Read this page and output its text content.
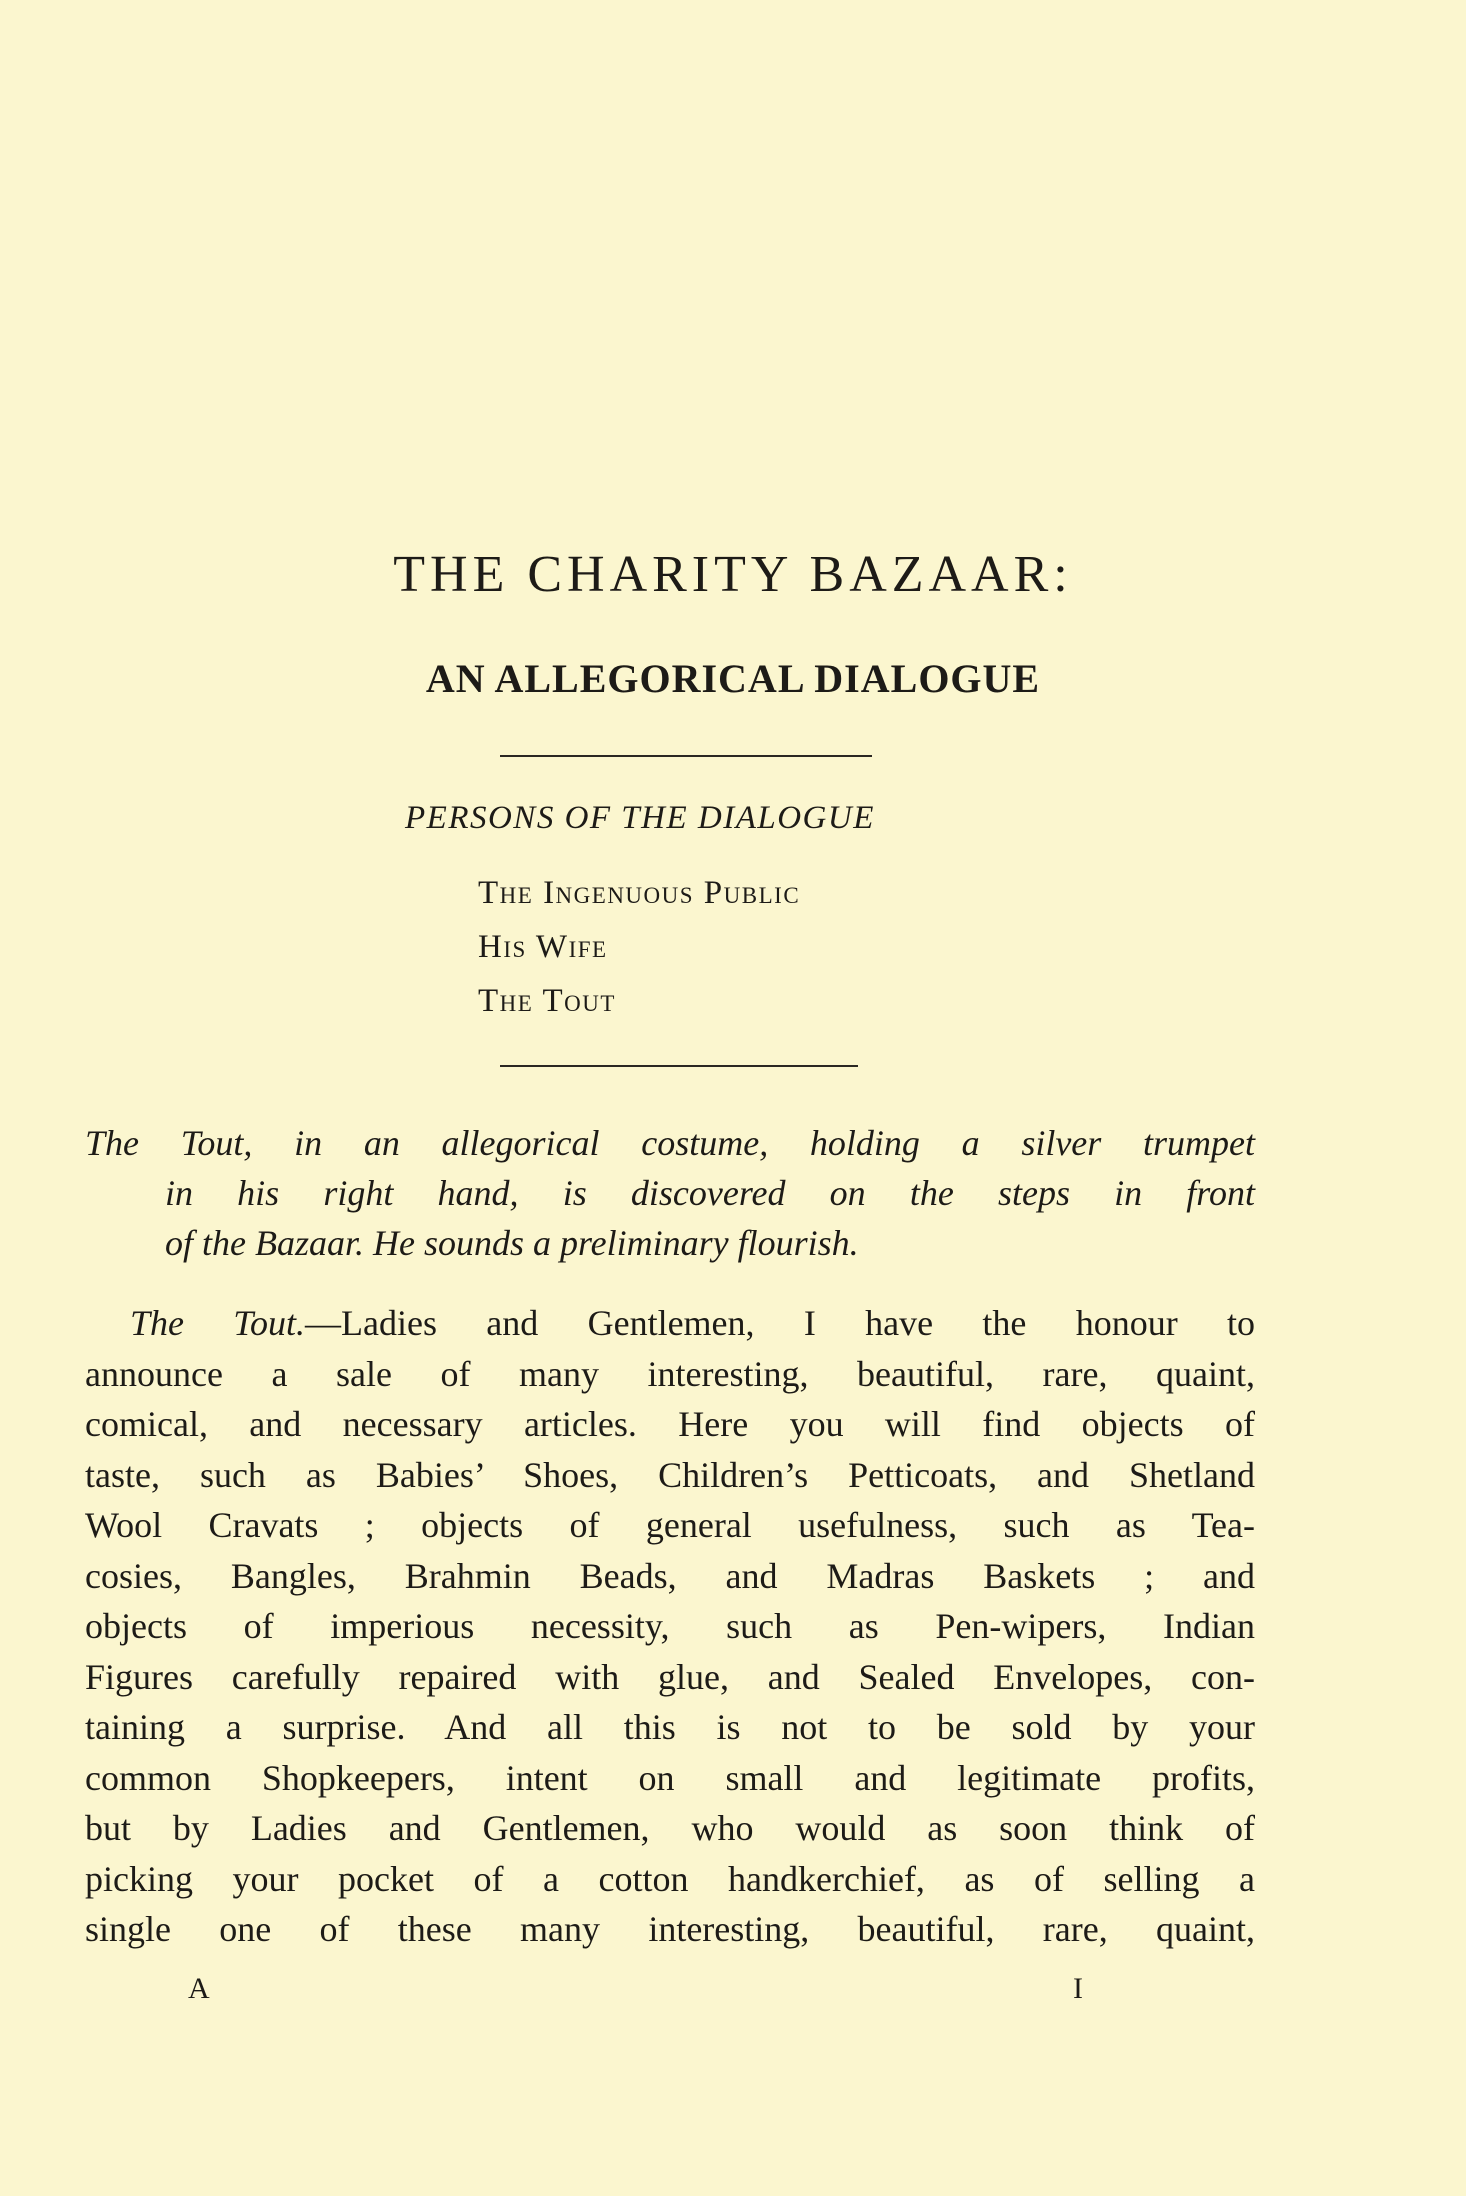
THE CHARITY BAZAAR:
AN ALLEGORICAL DIALOGUE
PERSONS OF THE DIALOGUE
The Ingenuous Public
His Wife
The Tout

The Tout, in an allegorical costume, holding a silver trumpet
in his right hand, is discovered on the steps in front
of the Bazaar. He sounds a preliminary flourish.

The Tout.—Ladies and Gentlemen, I have the honour to
announce a sale of many interesting, beautiful, rare, quaint,
comical, and necessary articles. Here you will find objects of
taste, such as Babies’ Shoes, Children’s Petticoats, and Shetland
Wool Cravats ; objects of general usefulness, such as Tea-
cosies, Bangles, Brahmin Beads, and Madras Baskets ; and
objects of imperious necessity, such as Pen-wipers, Indian
Figures carefully repaired with glue, and Sealed Envelopes, con-
taining a surprise. And all this is not to be sold by your
common Shopkeepers, intent on small and legitimate profits,
but by Ladies and Gentlemen, who would as soon think of
picking your pocket of a cotton handkerchief, as of selling a
single one of these many interesting, beautiful, rare, quaint,

A	I
